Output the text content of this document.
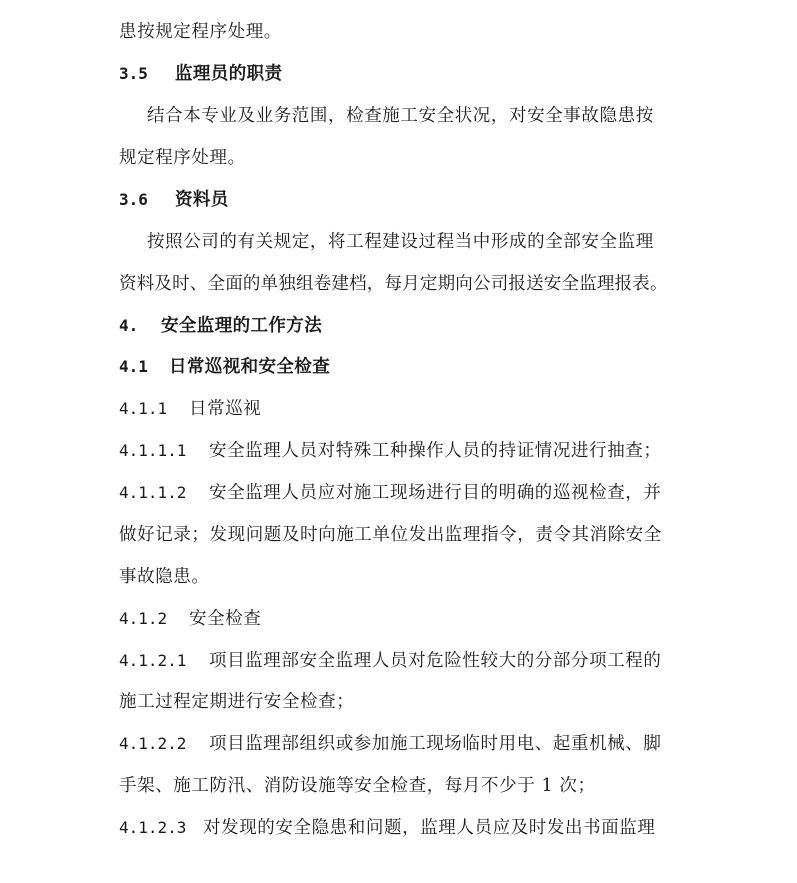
患按规定程序处理。
3.5 监理员的职责
结合本专业及业务范围，检查施工安全状况，对安全事故隐患按
规定程序处理。
3.6 资料员
按照公司的有关规定，将工程建设过程当中形成的全部安全监理
资料及时、全面的单独组卷建档，每月定期向公司报送安全监理报表。
4. 安全监理的工作方法
4.1 日常巡视和安全检查
4.1.1 日常巡视
4.1.1.1 安全监理人员对特殊工种操作人员的持证情况进行抽查；
4.1.1.2 安全监理人员应对施工现场进行目的明确的巡视检查，并
做好记录；发现问题及时向施工单位发出监理指令，责令其消除安全
事故隐患。
4.1.2 安全检查
4.1.2.1 项目监理部安全监理人员对危险性较大的分部分项工程的
施工过程定期进行安全检查；
4.1.2.2 项目监理部组织或参加施工现场临时用电、起重机械、脚
手架、施工防汛、消防设施等安全检查，每月不少于 1 次；
4.1.2.3 对发现的安全隐患和问题，监理人员应及时发出书面监理
